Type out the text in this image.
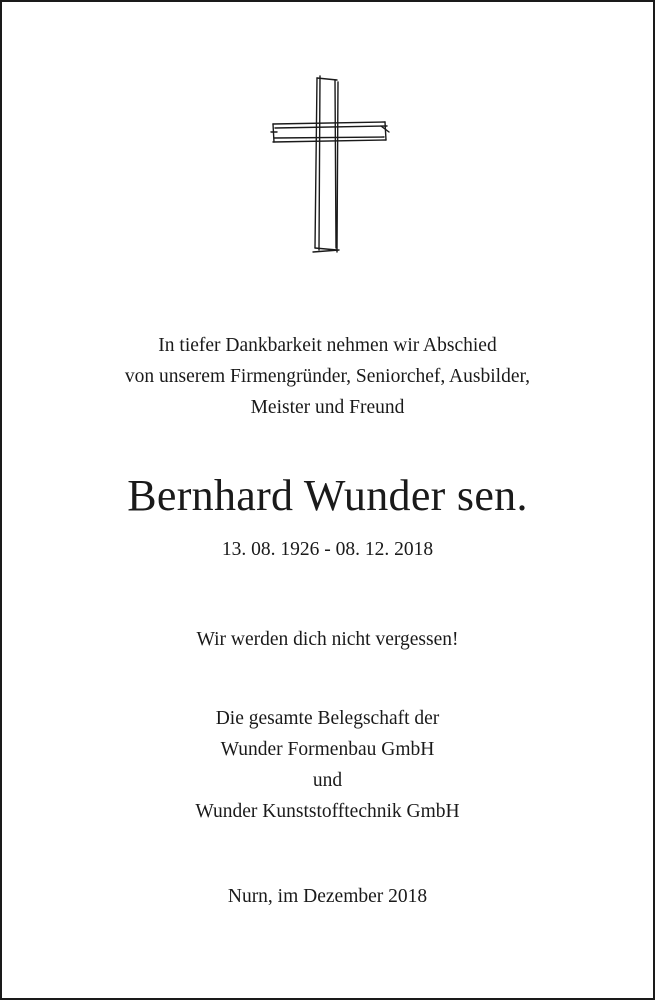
In tiefer Dankbarkeit nehmen wir Abschied
von unserem Firmengründer, Seniorchef, Ausbilder,
Meister und Freund
Bernhard Wunder sen.
13. 08. 1926 - 08. 12. 2018
Wir werden dich nicht vergessen!
Die gesamte Belegschaft der
Wunder Formenbau GmbH
und
Wunder Kunststofftechnik GmbH
Nurn, im Dezember 2018
